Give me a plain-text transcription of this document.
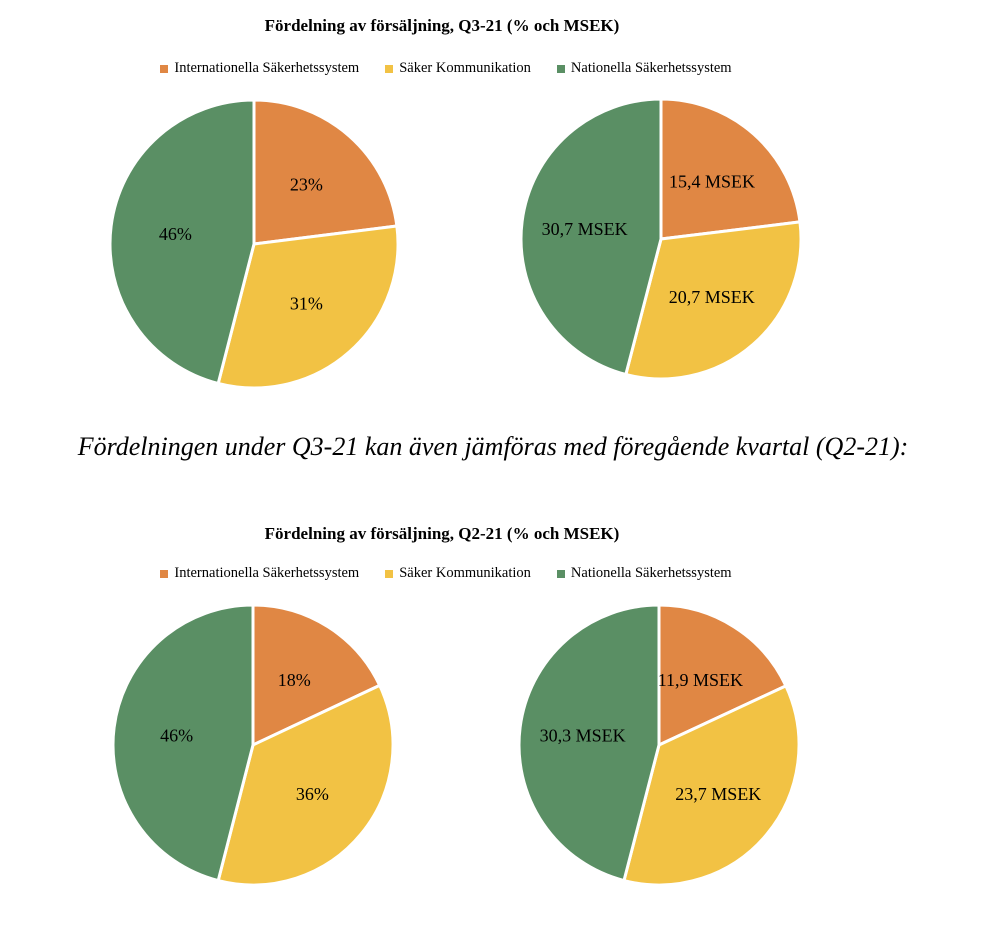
Fördelning av försäljning, Q3-21 (% och MSEK)
Internationella Säkerhetssystem	Säker Kommunikation	Nationella Säkerhetssystem
23%
31%
46%
15,4 MSEK
20,7 MSEK
30,7 MSEK
Fördelningen under Q3-21 kan även jämföras med föregående kvartal (Q2-21):
Fördelning av försäljning, Q2-21 (% och MSEK)
Internationella Säkerhetssystem	Säker Kommunikation	Nationella Säkerhetssystem
18%
36%
46%
11,9 MSEK
23,7 MSEK
30,3 MSEK
